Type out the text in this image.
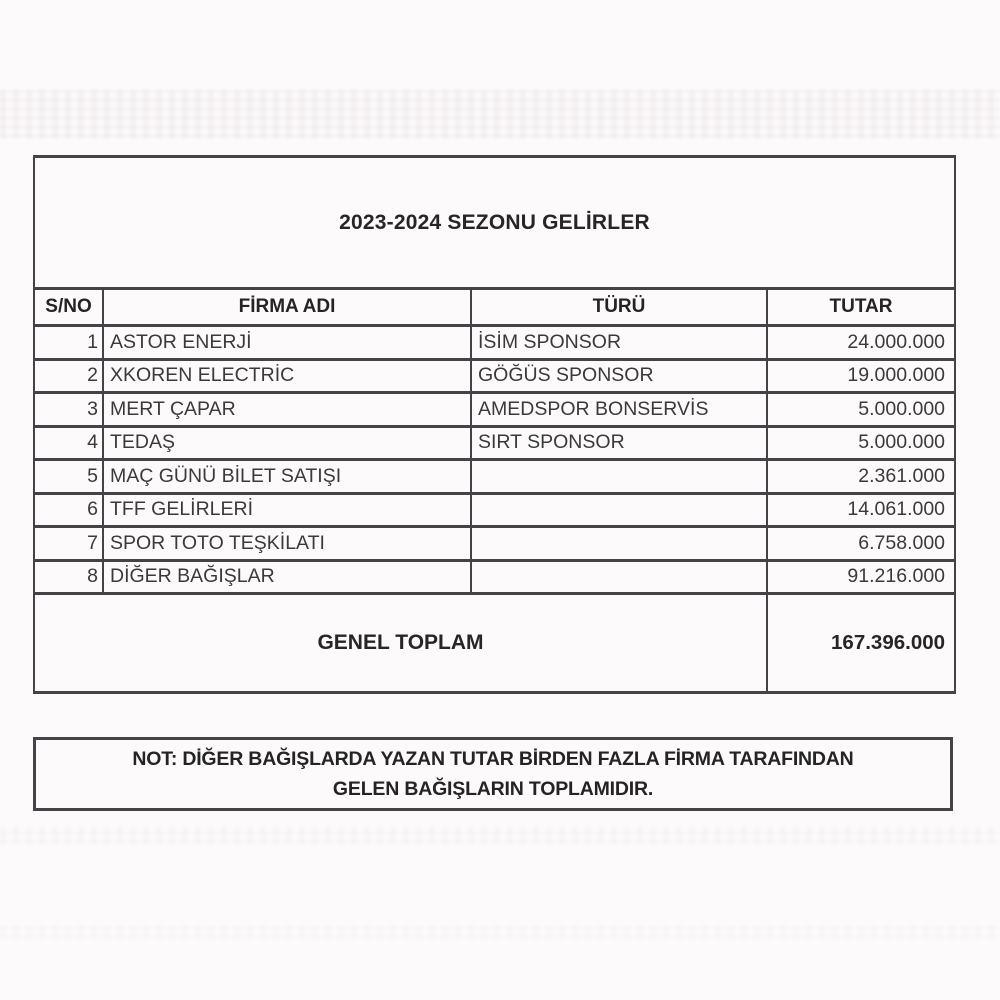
2023-2024 SEZONU GELİRLER			
S/NO	FİRMA ADI	TÜRÜ	TUTAR
1	ASTOR ENERJİ	İSİM SPONSOR	24.000.000
2	XKOREN ELECTRİC	GÖĞÜS SPONSOR	19.000.000
3	MERT ÇAPAR	AMEDSPOR BONSERVİS	5.000.000
4	TEDAŞ	SIRT SPONSOR	5.000.000
5	MAÇ GÜNÜ BİLET SATIŞI		2.361.000
6	TFF GELİRLERİ		14.061.000
7	SPOR TOTO TEŞKİLATI		6.758.000
8	DİĞER BAĞIŞLAR		91.216.000
GENEL TOPLAM			167.396.000
NOT: DİĞER BAĞIŞLARDA YAZAN TUTAR BİRDEN FAZLA FİRMA TARAFINDAN
GELEN BAĞIŞLARIN TOPLAMIDIR.
